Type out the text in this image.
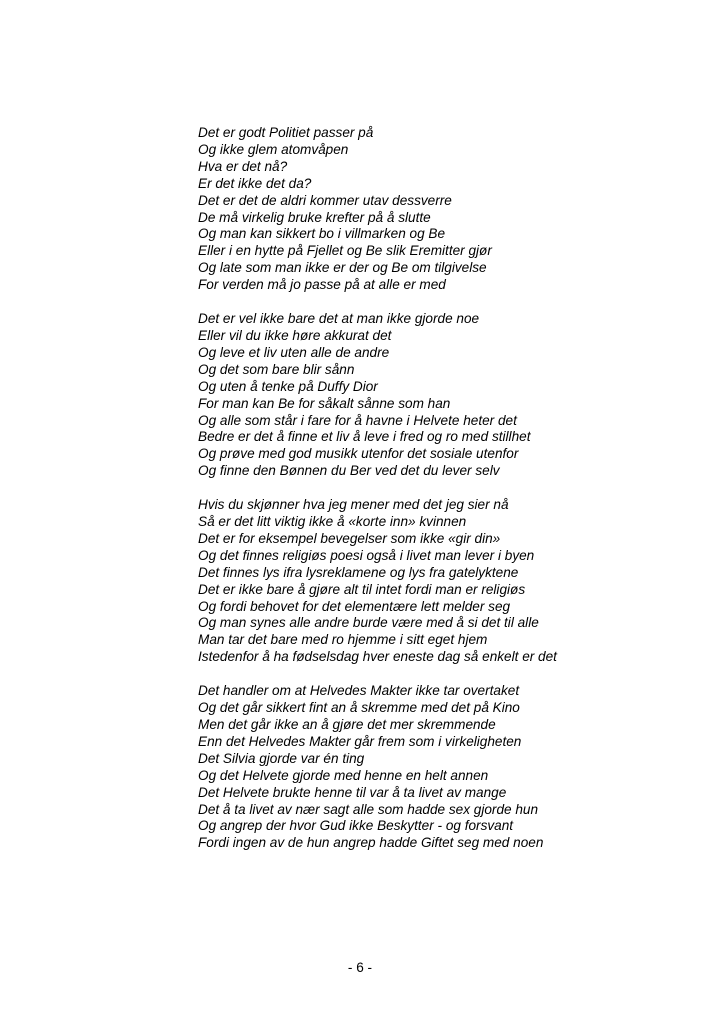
Det er godt Politiet passer på
Og ikke glem atomvåpen
Hva er det nå?
Er det ikke det da?
Det er det de aldri kommer utav dessverre
De må virkelig bruke krefter på å slutte
Og man kan sikkert bo i villmarken og Be
Eller i en hytte på Fjellet og Be slik Eremitter gjør
Og late som man ikke er der og Be om tilgivelse
For verden må jo passe på at alle er med
Det er vel ikke bare det at man ikke gjorde noe
Eller vil du ikke høre akkurat det
Og leve et liv uten alle de andre
Og det som bare blir sånn
Og uten å tenke på Duffy Dior
For man kan Be for såkalt sånne som han
Og alle som står i fare for å havne i Helvete heter det
Bedre er det å finne et liv å leve i fred og ro med stillhet
Og prøve med god musikk utenfor det sosiale utenfor
Og finne den Bønnen du Ber ved det du lever selv
Hvis du skjønner hva jeg mener med det jeg sier nå
Så er det litt viktig ikke å «korte inn» kvinnen
Det er for eksempel bevegelser som ikke «gir din»
Og det finnes religiøs poesi også i livet man lever i byen
Det finnes lys ifra lysreklamene og lys fra gatelyktene
Det er ikke bare å gjøre alt til intet fordi man er religiøs
Og fordi behovet for det elementære lett melder seg
Og man synes alle andre burde være med å si det til alle
Man tar det bare med ro hjemme i sitt eget hjem
Istedenfor å ha fødselsdag hver eneste dag så enkelt er det
Det handler om at Helvedes Makter ikke tar overtaket
Og det går sikkert fint an å skremme med det på Kino
Men det går ikke an å gjøre det mer skremmende
Enn det Helvedes Makter går frem som i virkeligheten
Det Silvia gjorde var én ting
Og det Helvete gjorde med henne en helt annen
Det Helvete brukte henne til var å ta livet av mange
Det å ta livet av nær sagt alle som hadde sex gjorde hun
Og angrep der hvor Gud ikke Beskytter - og forsvant
Fordi ingen av de hun angrep hadde Giftet seg med noen
- 6 -
